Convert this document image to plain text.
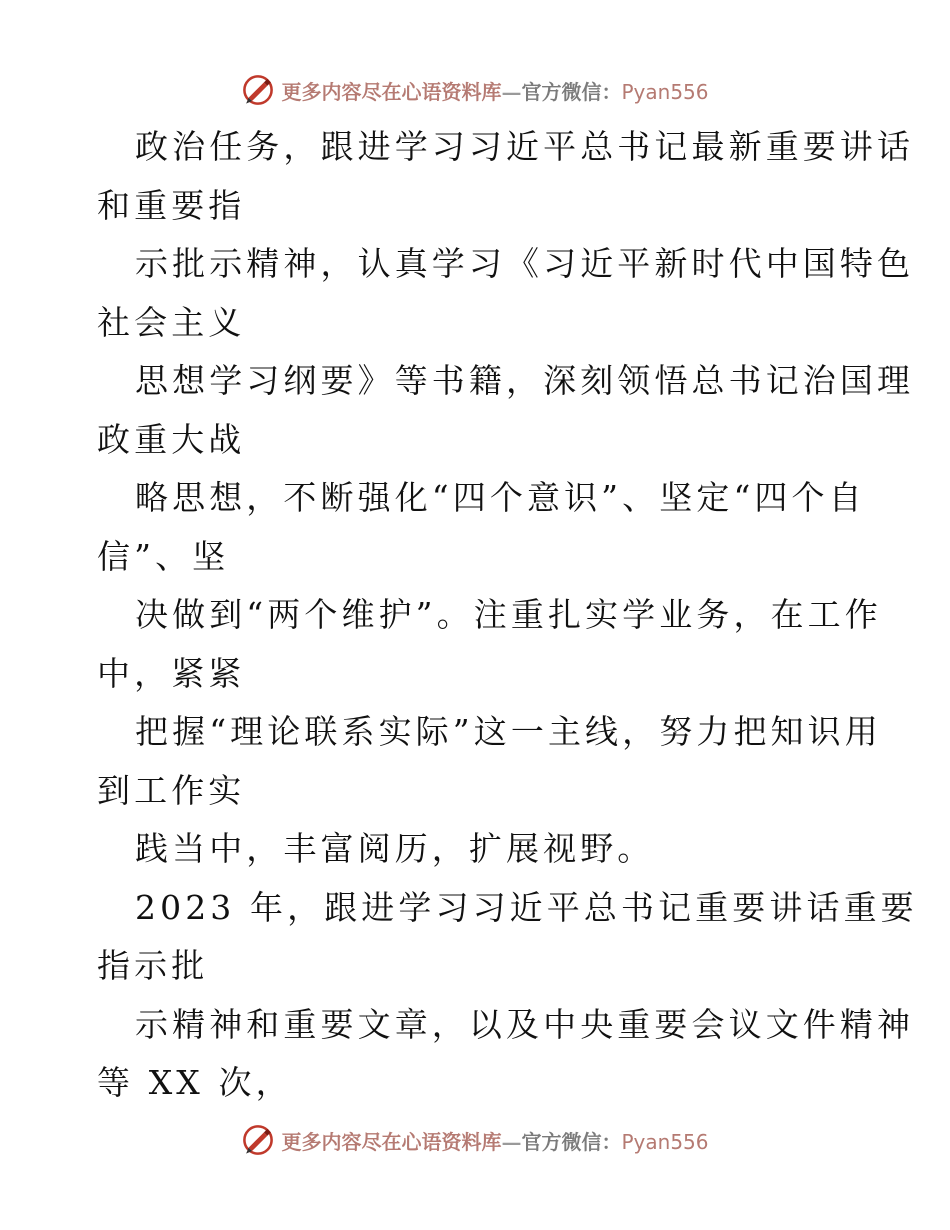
更多内容尽在心语资料库—官方微信：Pyan556
政治任务，跟进学习习近平总书记最新重要讲话
和重要指
示批示精神，认真学习《习近平新时代中国特色
社会主义
思想学习纲要》等书籍，深刻领悟总书记治国理
政重大战
略思想，不断强化“四个意识”、坚定“四个自
信”、坚
决做到“两个维护”。注重扎实学业务，在工作
中，紧紧
把握“理论联系实际”这一主线，努力把知识用
到工作实
践当中，丰富阅历，扩展视野。
2023 年，跟进学习习近平总书记重要讲话重要
指示批
示精神和重要文章，以及中央重要会议文件精神
等 XX 次，
更多内容尽在心语资料库—官方微信：Pyan556
